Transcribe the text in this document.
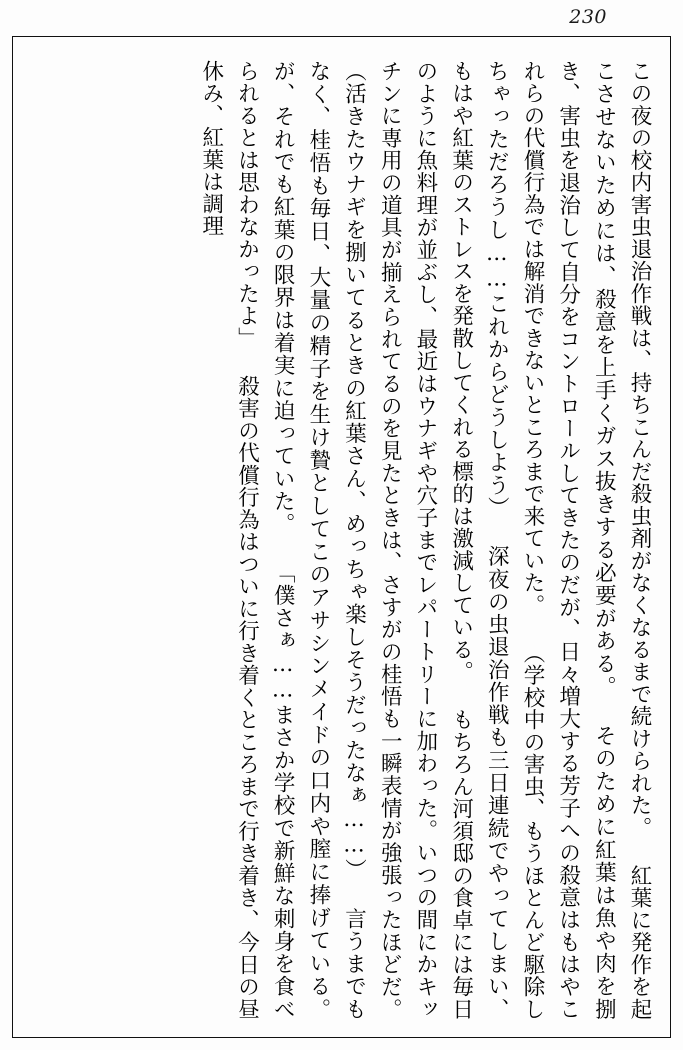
230
この夜の校内害虫退治作戦は、持ちこんだ殺虫剤がなくなるまで続けられた。 紅葉に発作を起こさせないためには、殺意を上手くガス抜きする必要がある。 そのために紅葉は魚や肉を捌き、害虫を退治して自分をコントロールしてきたのだが、日々増大する芳子への殺意はもはやこれらの代償行為では解消できないところまで来ていた。 （学校中の害虫、もうほとんど駆除しちゃっただろうし……これからどうしよう） 深夜の虫退治作戦も三日連続でやってしまい、もはや紅葉のストレスを発散してくれる標的は激減している。 もちろん河須邸の食卓には毎日のように魚料理が並ぶし、最近はウナギや穴子までレパートリーに加わった。いつの間にかキッチンに専用の道具が揃えられてるのを見たときは、さすがの桂悟も一瞬表情が強張ったほどだ。 （活きたウナギを捌いてるときの紅葉さん、めっちゃ楽しそうだったなぁ……） 言うまでもなく、桂悟も毎日、大量の精子を生け贄としてこのアサシンメイドの口内や膣に捧げている。が、それでも紅葉の限界は着実に迫っていた。 「僕さぁ……まさか学校で新鮮な刺身を食べられるとは思わなかったよ」 殺害の代償行為はついに行き着くところまで行き着き、今日の昼休み、紅葉は調理
